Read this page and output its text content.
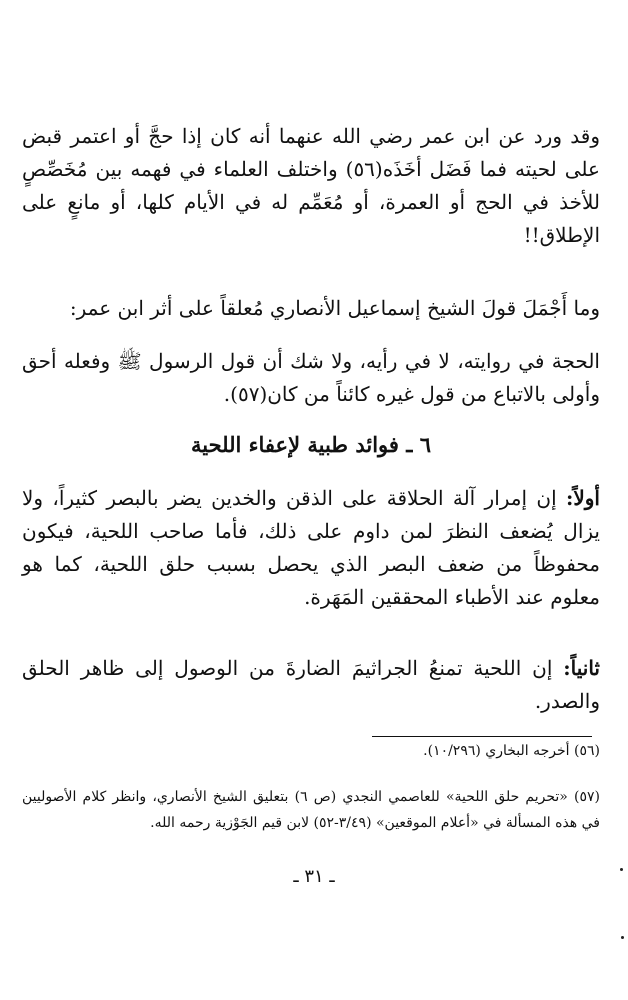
وقد ورد عن ابن عمر رضي الله عنهما أنه كان إذا حجَّ أو اعتمر قبض على لحيته فما فَضَل أخَذَه(٥٦) واختلف العلماء في فهمه بين مُخَصِّصٍ للأخذ في الحج أو العمرة، أو مُعَمِّم له في الأيام كلها، أو مانعٍ على الإطلاق!!

وما أَجْمَلَ قولَ الشيخ إسماعيل الأنصاري مُعلقاً على أثر ابن عمر:

الحجة في روايته، لا في رأيه، ولا شك أن قول الرسول ﷺ وفعله أحق وأولى بالاتباع من قول غيره كائناً من كان(٥٧).

٦ ـ فوائد طبية لإعفاء اللحية

أولاً: إن إمرار آلة الحلاقة على الذقن والخدين يضر بالبصر كثيراً، ولا يزال يُضعف النظرَ لمن داوم على ذلك، فأما صاحب اللحية، فيكون محفوظاً من ضعف البصر الذي يحصل بسبب حلق اللحية، كما هو معلوم عند الأطباء المحققين المَهَرة.

ثانياً: إن اللحية تمنعُ الجراثيمَ الضارةَ من الوصول إلى ظاهر الحلق والصدر.

(٥٦) أخرجه البخاري (١٠/٢٩٦).

(٥٧) «تحريم حلق اللحية» للعاصمي النجدي (ص ٦) بتعليق الشيخ الأنصاري، وانظر كلام الأصوليين في هذه المسألة في «أعلام الموقعين» (٣/٤٩-٥٢) لابن قيم الجَوْزية رحمه الله.

ـ ٣١ ـ
